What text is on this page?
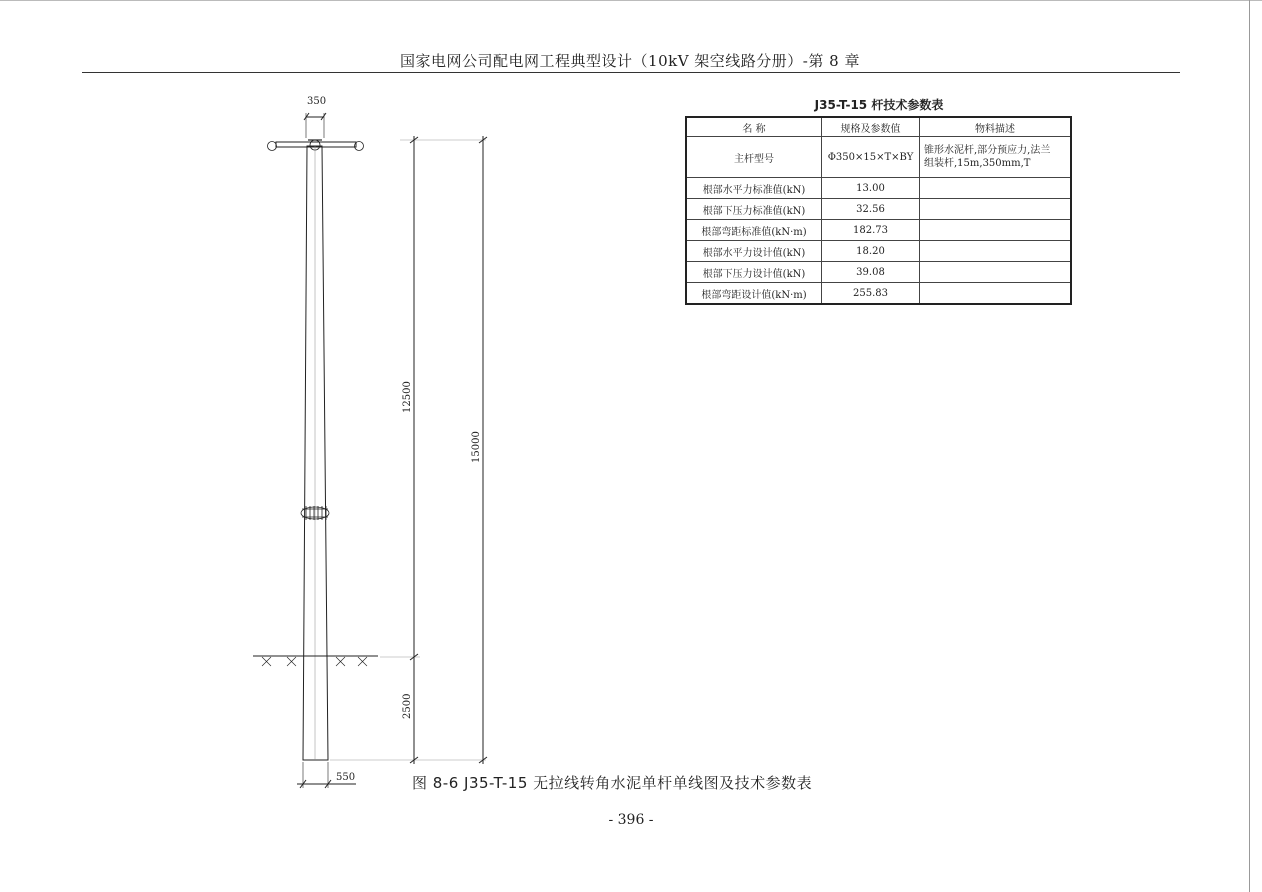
国家电网公司配电网工程典型设计（10kV 架空线路分册）-第 8 章
350
550
12500
2500
15000
J35-T-15 杆技术参数表
名 称	规格及参数值	物料描述
主杆型号	Φ350×15×T×BY	锥形水泥杆,部分预应力,法兰
组装杆,15m,350mm,T
根部水平力标准值(kN)	13.00	
根部下压力标准值(kN)	32.56	
根部弯距标准值(kN·m)	182.73	
根部水平力设计值(kN)	18.20	
根部下压力设计值(kN)	39.08	
根部弯距设计值(kN·m)	255.83	
图 8-6 J35-T-15 无拉线转角水泥单杆单线图及技术参数表
- 396 -
